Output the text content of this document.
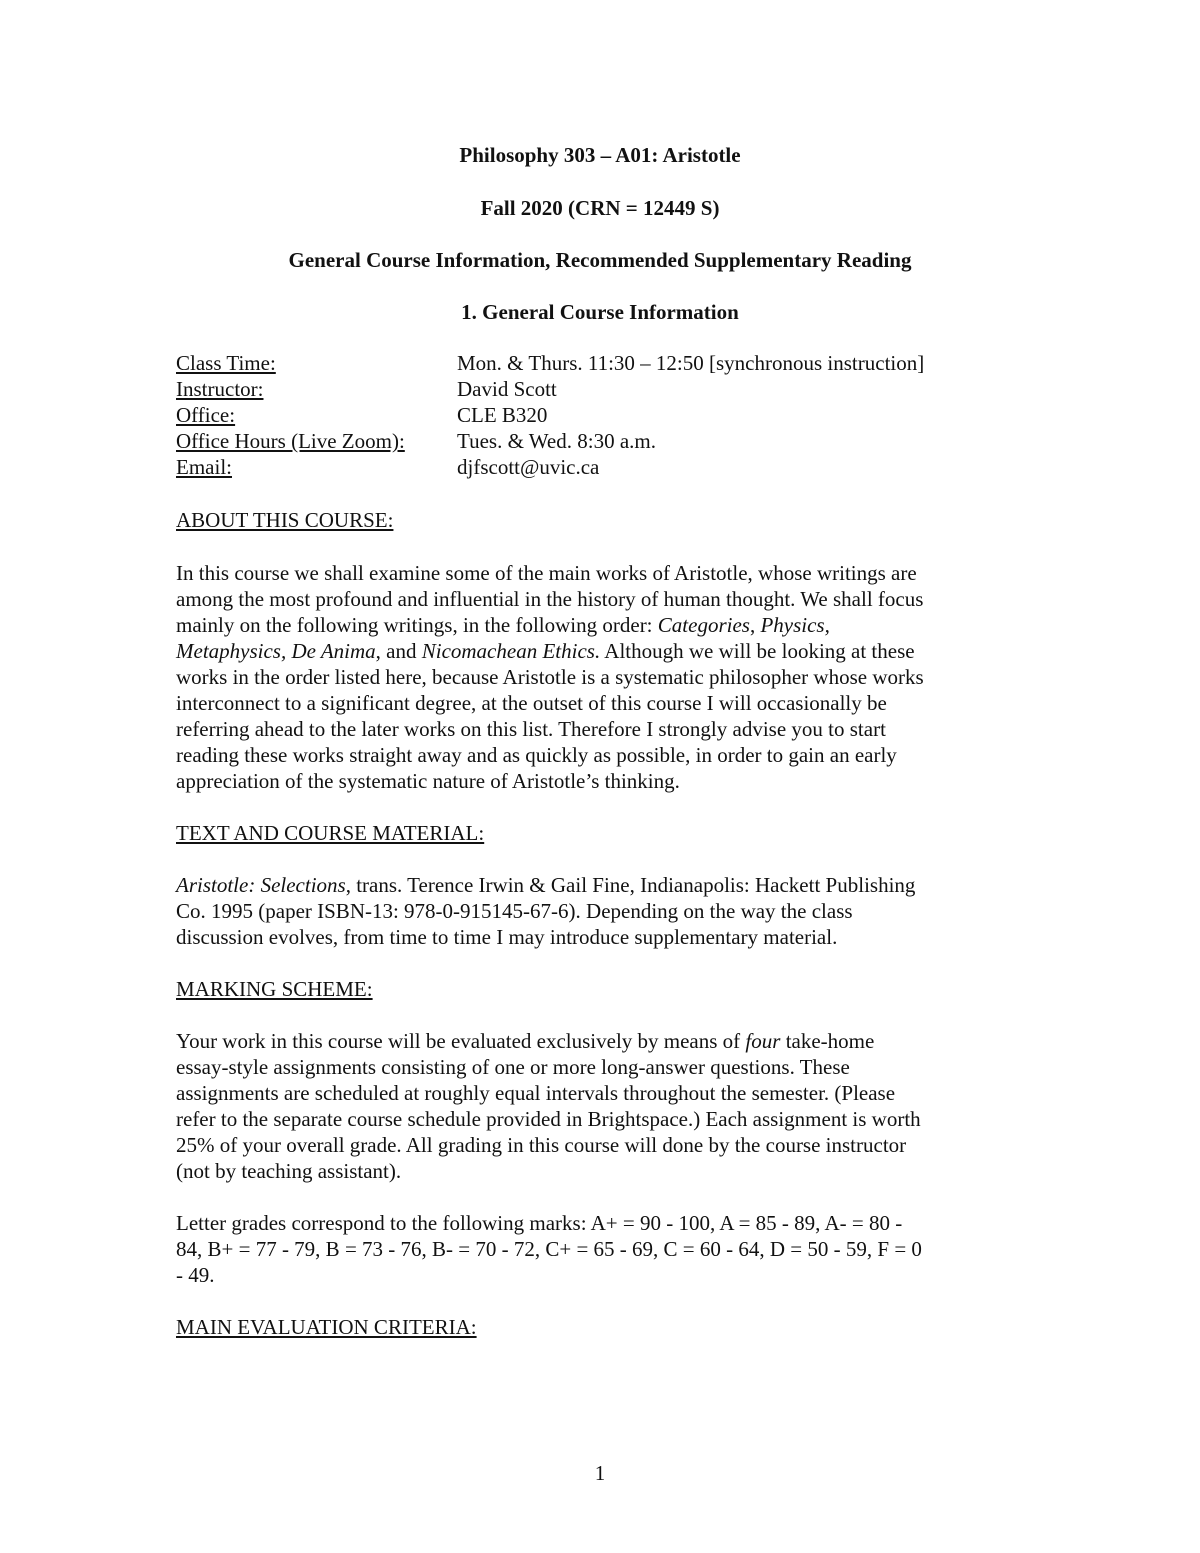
Philosophy 303 – A01: Aristotle
Fall 2020 (CRN = 12449 S)
General Course Information, Recommended Supplementary Reading
1. General Course Information
Class Time:	Mon. & Thurs. 11:30 – 12:50 [synchronous instruction]
Instructor:	David Scott
Office:	CLE B320
Office Hours (Live Zoom):	Tues. & Wed. 8:30 a.m.
Email:	djfscott@uvic.ca
ABOUT THIS COURSE:
In this course we shall examine some of the main works of Aristotle, whose writings are
among the most profound and influential in the history of human thought. We shall focus
mainly on the following writings, in the following order: Categories, Physics,
Metaphysics, De Anima, and Nicomachean Ethics. Although we will be looking at these
works in the order listed here, because Aristotle is a systematic philosopher whose works
interconnect to a significant degree, at the outset of this course I will occasionally be
referring ahead to the later works on this list. Therefore I strongly advise you to start
reading these works straight away and as quickly as possible, in order to gain an early
appreciation of the systematic nature of Aristotle’s thinking.
TEXT AND COURSE MATERIAL:
Aristotle: Selections, trans. Terence Irwin & Gail Fine, Indianapolis: Hackett Publishing
Co. 1995 (paper ISBN-13: 978-0-915145-67-6). Depending on the way the class
discussion evolves, from time to time I may introduce supplementary material.
MARKING SCHEME:
Your work in this course will be evaluated exclusively by means of four take-home
essay-style assignments consisting of one or more long-answer questions. These
assignments are scheduled at roughly equal intervals throughout the semester. (Please
refer to the separate course schedule provided in Brightspace.) Each assignment is worth
25% of your overall grade. All grading in this course will done by the course instructor
(not by teaching assistant).
Letter grades correspond to the following marks: A+ = 90 - 100, A = 85 - 89, A- = 80 -
84, B+ = 77 - 79, B = 73 - 76, B- = 70 - 72, C+ = 65 - 69, C = 60 - 64, D = 50 - 59, F = 0
- 49.
MAIN EVALUATION CRITERIA:
1
